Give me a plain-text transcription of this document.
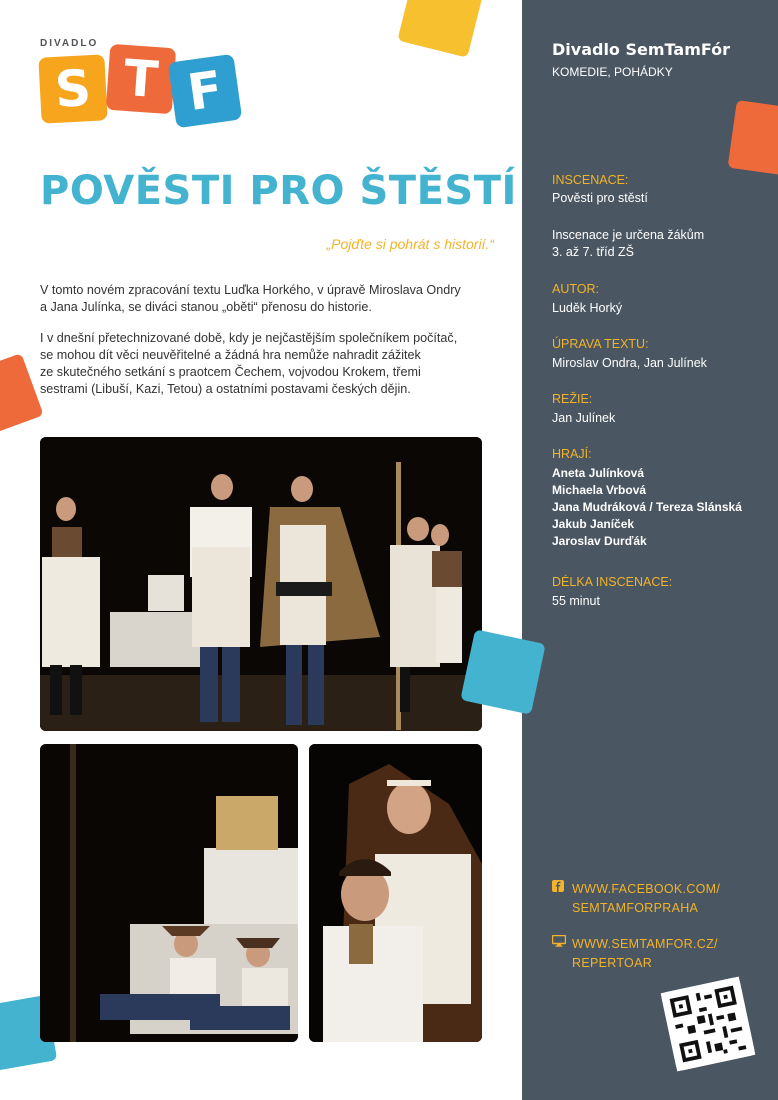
DIVADLO
S T F
POVĚSTI PRO ŠTĚSTÍ
„Pojďte si pohrát s historií.“
V tomto novém zpracování textu Luďka Horkého, v úpravě Miroslava Ondry
a Jana Julínka, se diváci stanou „oběti“ přenosu do historie.
I v dnešní přetechnizované době, kdy je nejčastějším společníkem počítač,
se mohou dít věci neuvěřitelné a žádná hra nemůže nahradit zážitek
ze skutečného setkání s praotcem Čechem, vojvodou Krokem, třemi
sestrami (Libuší, Kazi, Tetou) a ostatními postavami českých dějin.
Divadlo SemTamFór
KOMEDIE, POHÁDKY
INSCENACE:
Pověsti pro stěstí
Inscenace je určena žákům
3. až 7. tříd ZŠ
AUTOR:
Luděk Horký
ÚPRAVA TEXTU:
Miroslav Ondra, Jan Julínek
REŽIE:
Jan Julínek
HRAJÍ:
Aneta Julínková
Michaela Vrbová
Jana Mudráková / Tereza Slánská
Jakub Janíček
Jaroslav Durďák
DÉLKA INSCENACE:
55 minut
WWW.FACEBOOK.COM/
SEMTAMFORPRAHA
WWW.SEMTAMFOR.CZ/
REPERTOAR
